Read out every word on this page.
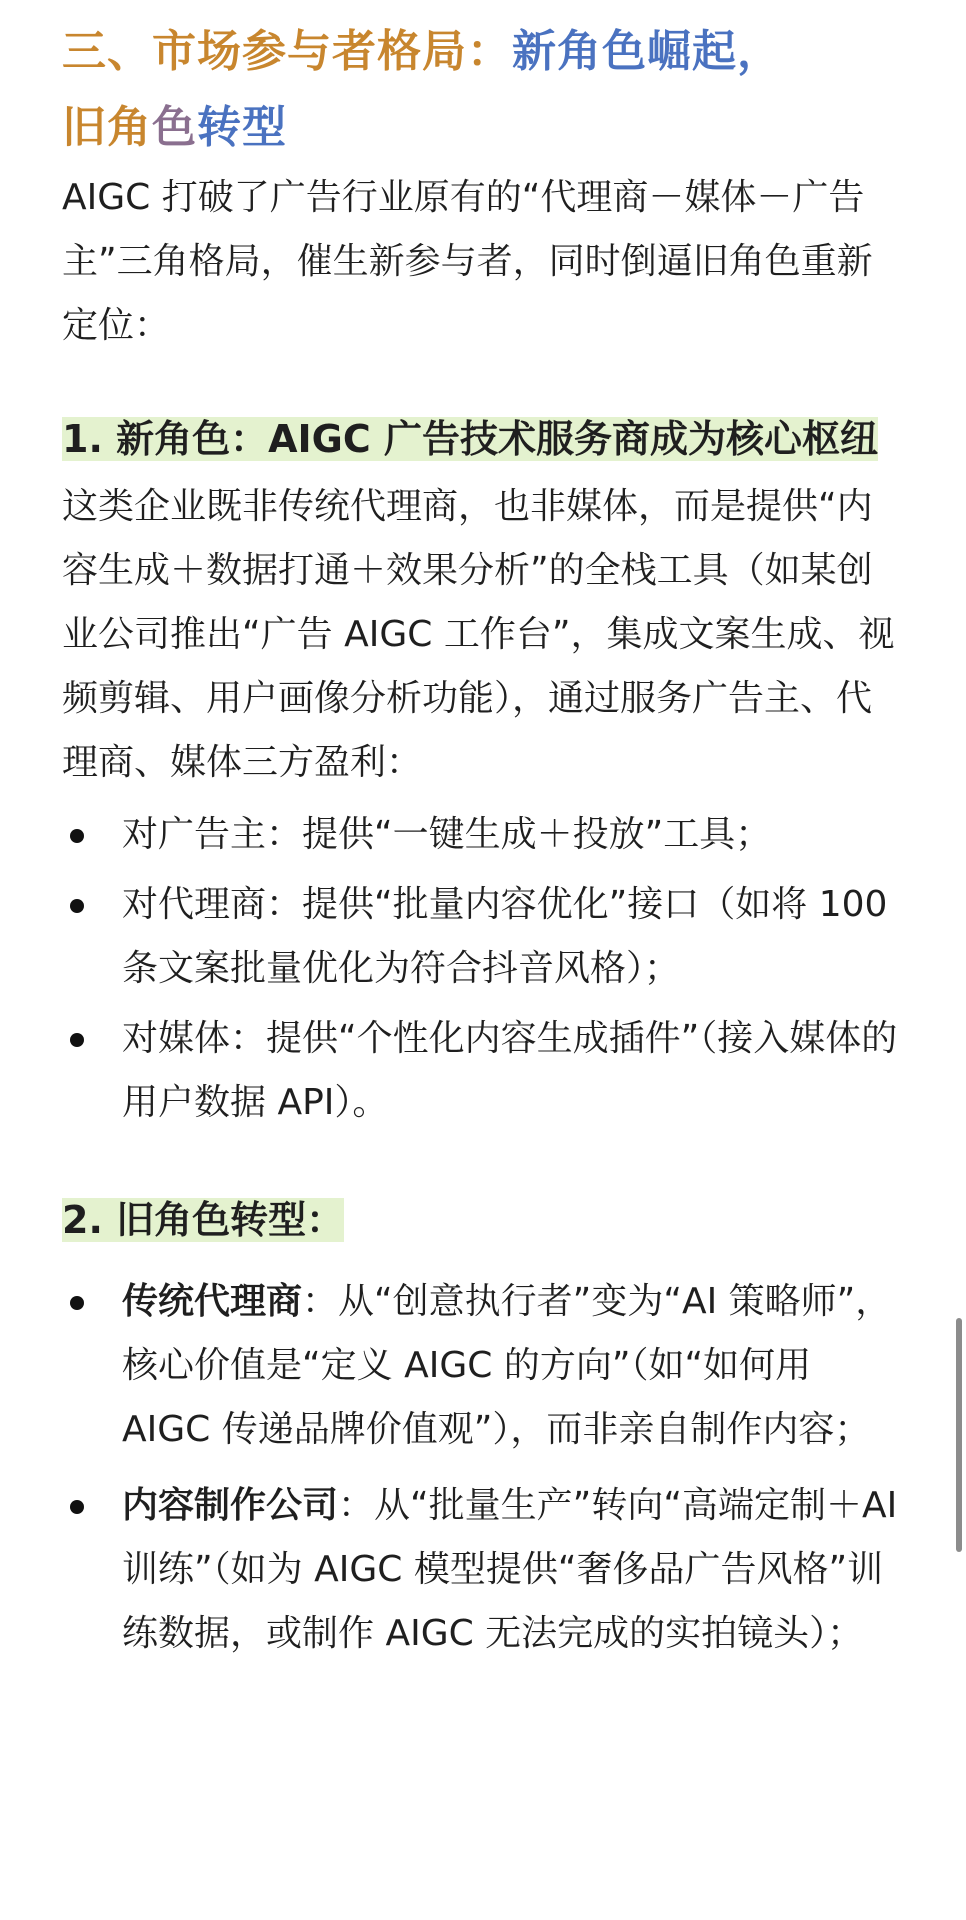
三、市场参与者格局：新角色崛起，
旧角色转型

AIGC 打破了广告行业原有的“代理商－媒体－广告主”三角格局，催生新参与者，同时倒逼旧角色重新定位：

1. 新角色：AIGC 广告技术服务商成为核心枢纽

这类企业既非传统代理商，也非媒体，而是提供“内容生成＋数据打通＋效果分析”的全栈工具（如某创业公司推出“广告 AIGC 工作台”，集成文案生成、视频剪辑、用户画像分析功能），通过服务广告主、代理商、媒体三方盈利：

对广告主：提供“一键生成＋投放”工具；
对代理商：提供“批量内容优化”接口（如将 100 条文案批量优化为符合抖音风格）；
对媒体：提供“个性化内容生成插件”（接入媒体的用户数据 API）。
2. 旧角色转型：
传统代理商：从“创意执行者”变为“AI 策略师”，核心价值是“定义 AIGC 的方向”（如“如何用 AIGC 传递品牌价值观”），而非亲自制作内容；
内容制作公司：从“批量生产”转向“高端定制＋AI 训练”（如为 AIGC 模型提供“奢侈品广告风格”训练数据，或制作 AIGC 无法完成的实拍镜头）；
